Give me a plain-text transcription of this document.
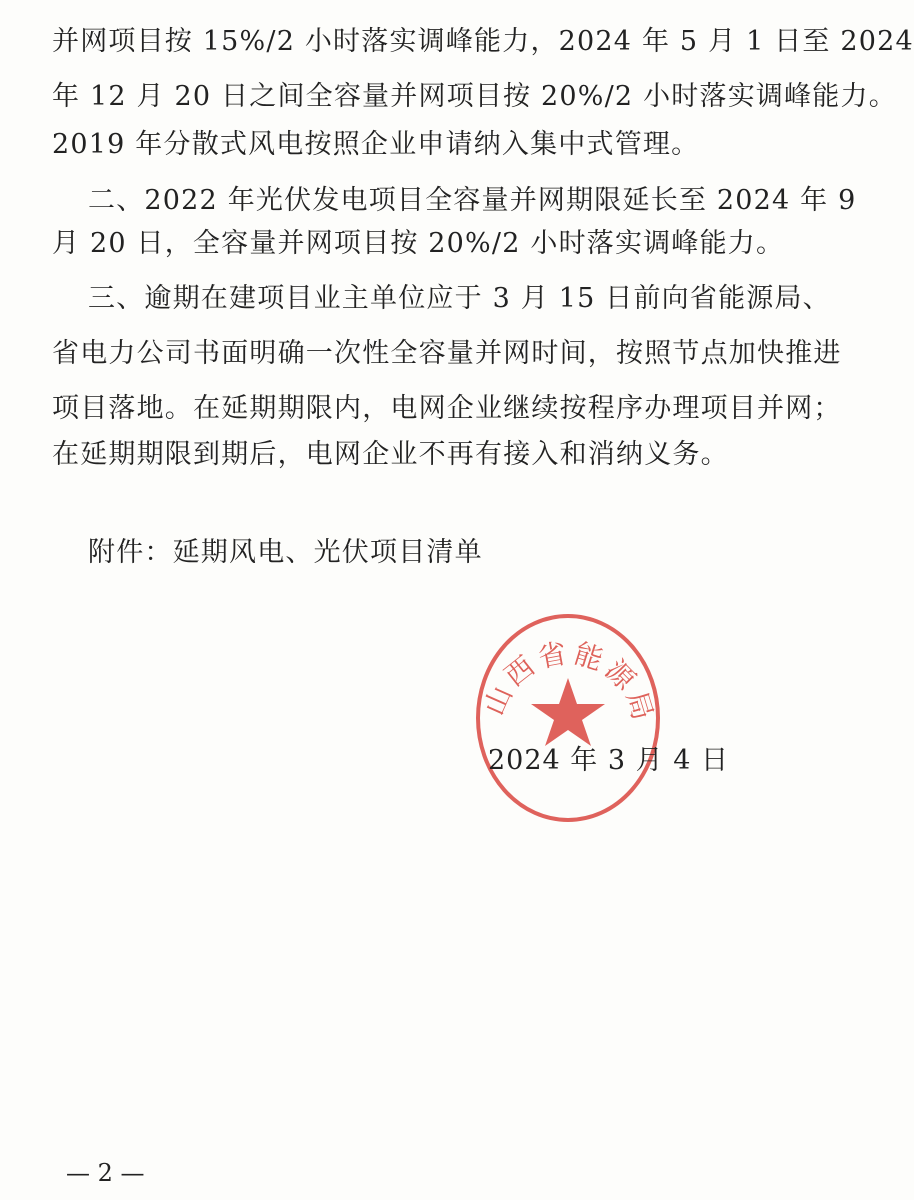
并网项目按 15%/2 小时落实调峰能力，2024 年 5 月 1 日至 2024
年 12 月 20 日之间全容量并网项目按 20%/2 小时落实调峰能力。
2019 年分散式风电按照企业申请纳入集中式管理。
二、2022 年光伏发电项目全容量并网期限延长至 2024 年 9
月 20 日，全容量并网项目按 20%/2 小时落实调峰能力。
三、逾期在建项目业主单位应于 3 月 15 日前向省能源局、
省电力公司书面明确一次性全容量并网时间，按照节点加快推进
项目落地。在延期期限内，电网企业继续按程序办理项目并网；
在延期期限到期后，电网企业不再有接入和消纳义务。
附件：延期风电、光伏项目清单
山西省能源局
2024 年 3 月 4 日
— 2 —
